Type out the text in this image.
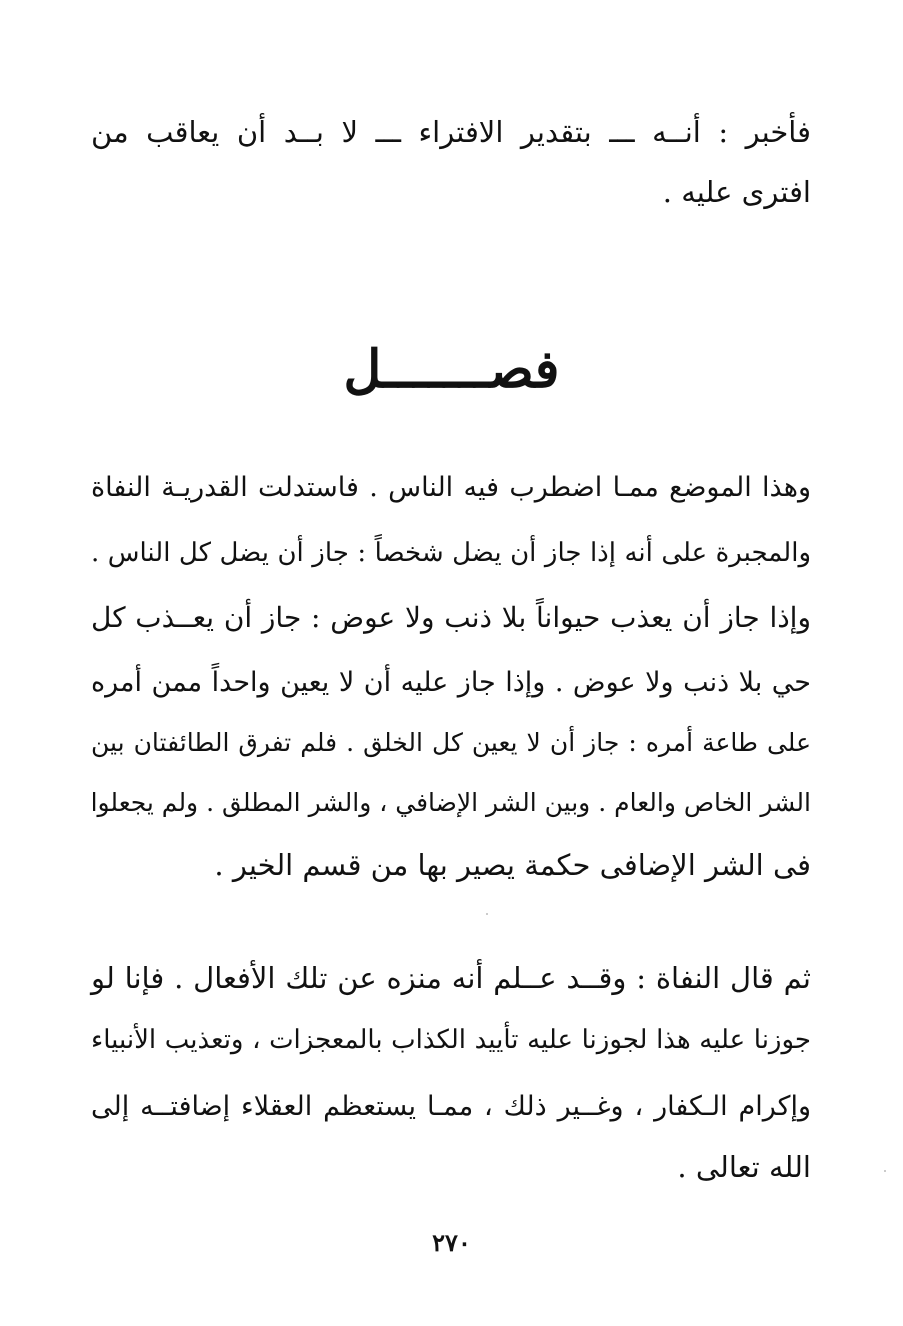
فأخبر : أنــه ـــ بتقدير الافتراء ـــ لا بــد أن يعاقب من
افترى عليه .
فصـــــــل
وهذا الموضع ممـا اضطرب فيه الناس . فاستدلت القدريـة النفاة
والمجبرة على أنه إذا جاز أن يضل شخصاً : جاز أن يضل كل الناس .
وإذا جاز أن يعذب حيواناً بلا ذنب ولا عوض : جاز أن يعــذب كل
حي بلا ذنب ولا عوض . وإذا جاز عليه أن لا يعين واحداً ممن أمره
على طاعة أمره : جاز أن لا يعين كل الخلق . فلم تفرق الطائفتان بين
الشر الخاص والعام . وبين الشر الإضافي ، والشر المطلق . ولم يجعلوا
فى الشر الإضافى حكمة يصير بها من قسم الخير .
ثم قال النفاة : وقــد عــلم أنه منزه عن تلك الأفعال . فإنا لو
جوزنا عليه هذا لجوزنا عليه تأييد الكذاب بالمعجزات ، وتعذيب الأنبياء
وإكرام الـكفار ، وغــير ذلك ، ممـا يستعظم العقلاء إضافتــه إلى
الله تعالى .
٢٧٠
